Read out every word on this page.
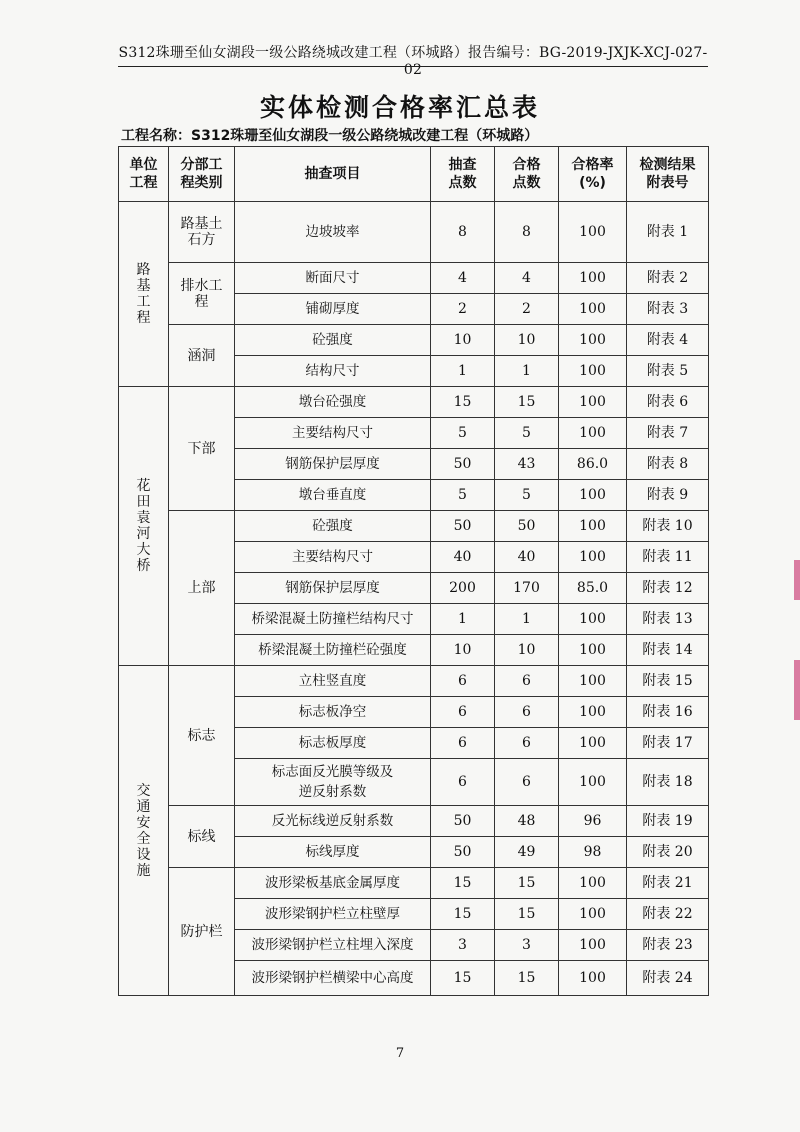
S312珠珊至仙女湖段一级公路绕城改建工程（环城路）报告编号：BG-2019-JXJK-XCJ-027-02
实体检测合格率汇总表
工程名称：S312珠珊至仙女湖段一级公路绕城改建工程（环城路）
单位工程	分部工程类别	抽查项目	抽查点数	合格点数	合格率(%)	检测结果附表号

路基工程	路基土石方	边坡坡率	8	8	100	附表 1

	排水工程	断面尺寸	4	4	100	附表 2
		铺砌厚度	2	2	100	附表 3
	涵洞	砼强度	10	10	100	附表 4
		结构尺寸	1	1	100	附表 5

花田袁河大桥	下部	墩台砼强度	15	15	100	附表 6
		主要结构尺寸	5	5	100	附表 7
		钢筋保护层厚度	50	43	86.0	附表 8
		墩台垂直度	5	5	100	附表 9
	上部	砼强度	50	50	100	附表 10
		主要结构尺寸	40	40	100	附表 11
		钢筋保护层厚度	200	170	85.0	附表 12
		桥梁混凝土防撞栏结构尺寸	1	1	100	附表 13
		桥梁混凝土防撞栏砼强度	10	10	100	附表 14

交通安全设施	标志	立柱竖直度	6	6	100	附表 15
		标志板净空	6	6	100	附表 16
		标志板厚度	6	6	100	附表 17

		标志面反光膜等级及逆反射系数	6	6	100	附表 18
	标线	反光标线逆反射系数	50	48	96	附表 19
		标线厚度	50	49	98	附表 20
	防护栏	波形梁板基底金属厚度	15	15	100	附表 21
		波形梁钢护栏立柱壁厚	15	15	100	附表 22
		波形梁钢护栏立柱埋入深度	3	3	100	附表 23
		波形梁钢护栏横梁中心高度	15	15	100	附表 24
7
